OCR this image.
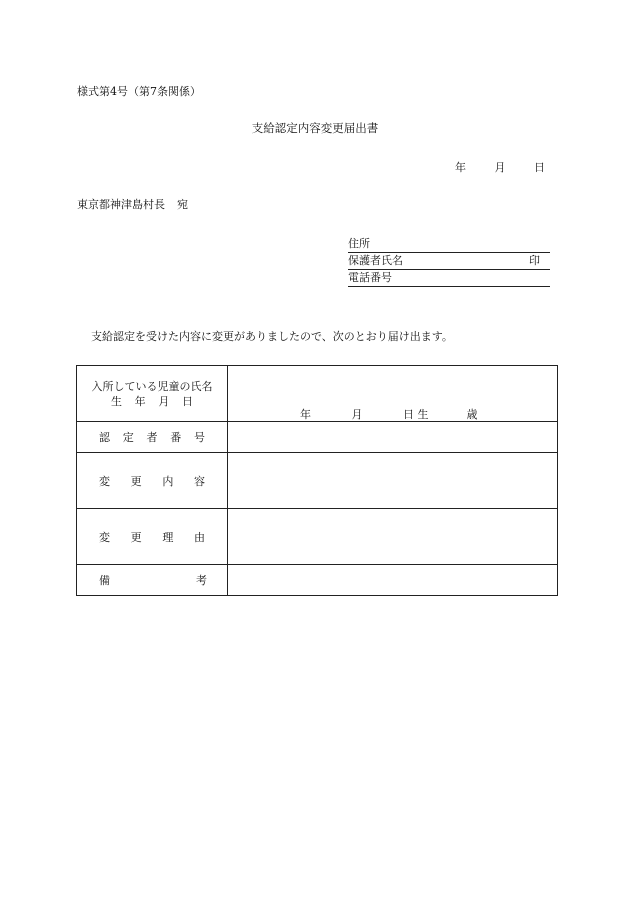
様式第4号（第7条関係）
支給認定内容変更届出書
年	月	日
東京都神津島村長 宛
住所
保護者氏名	印
電話番号
支給認定を受けた内容に変更がありましたので、次のとおり届け出ます。
入所している児童の氏名
生 年 月 日	年 月 日 生 歳

認 定 者 番 号	

変 更 内 容	

変 更 理 由	

備 考	
